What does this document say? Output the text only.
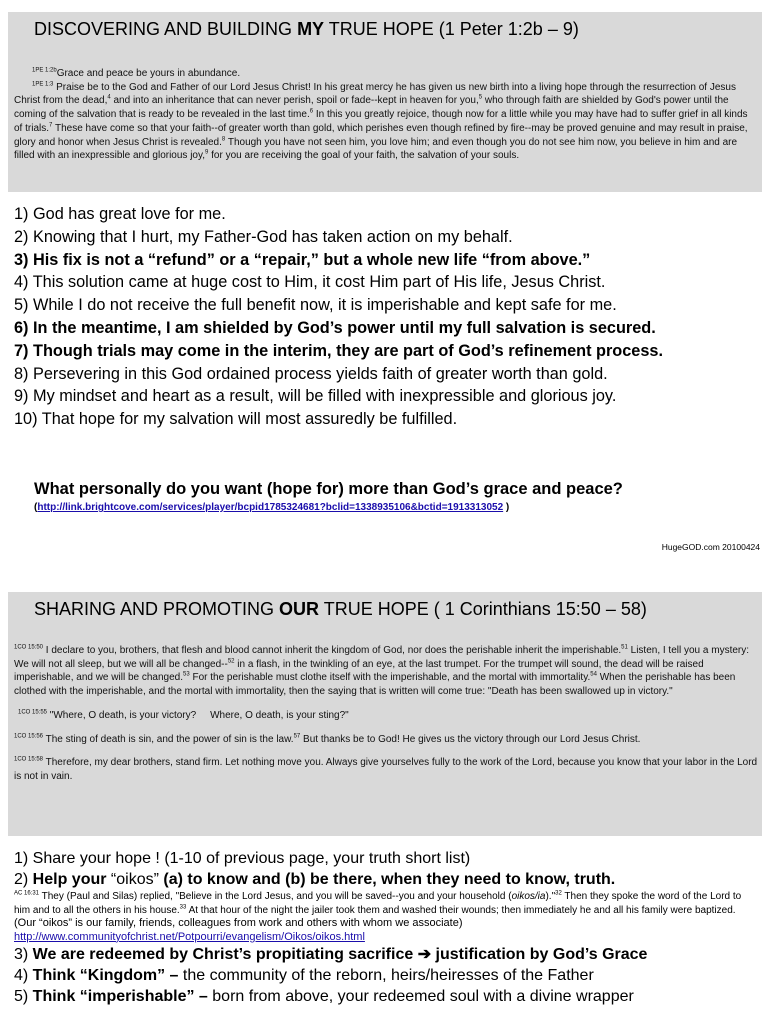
DISCOVERING AND BUILDING MY TRUE HOPE (1 Peter 1:2b – 9)

$^{1PE 1:2b}$Grace and peace be yours in abundance.

$^{1PE 1:3}$ Praise be to the God and Father of our Lord Jesus Christ! In his great mercy he has given us new birth into a living hope through the resurrection of Jesus Christ from the dead,$^4$ and into an inheritance that can never perish, spoil or fade--kept in heaven for you,$^5$ who through faith are shielded by God's power until the coming of the salvation that is ready to be revealed in the last time.$^6$ In this you greatly rejoice, though now for a little while you may have had to suffer grief in all kinds of trials.$^7$ These have come so that your faith--of greater worth than gold, which perishes even though refined by fire--may be proved genuine and may result in praise, glory and honor when Jesus Christ is revealed.$^8$ Though you have not seen him, you love him; and even though you do not see him now, you believe in him and are filled with an inexpressible and glorious joy,$^9$ for you are receiving the goal of your faith, the salvation of your souls.

1) God has great love for me.
2) Knowing that I hurt, my Father-God has taken action on my behalf.
3) His fix is not a “refund” or a “repair,” but a whole new life “from above.”
4) This solution came at huge cost to Him, it cost Him part of His life, Jesus Christ.
5) While I do not receive the full benefit now, it is imperishable and kept safe for me.
6) In the meantime, I am shielded by God’s power until my full salvation is secured.
7) Though trials may come in the interim, they are part of God’s refinement process.
8) Persevering in this God ordained process yields faith of greater worth than gold.
9) My mindset and heart as a result, will be filled with inexpressible and glorious joy.
10) That hope for my salvation will most assuredly be fulfilled.
What personally do you want (hope for) more than God’s grace and peace?
(http://link.brightcove.com/services/player/bcpid1785324681?bclid=1338935106&bctid=1913313052 )
HugeGOD.com 20100424
SHARING AND PROMOTING OUR TRUE HOPE ( 1 Corinthians 15:50 – 58)

$^{1CO 15:50}$ I declare to you, brothers, that flesh and blood cannot inherit the kingdom of God, nor does the perishable inherit the imperishable.$^{51}$ Listen, I tell you a mystery: We will not all sleep, but we will all be changed--$^{52}$ in a flash, in the twinkling of an eye, at the last trumpet. For the trumpet will sound, the dead will be raised imperishable, and we will be changed.$^{53}$ For the perishable must clothe itself with the imperishable, and the mortal with immortality.$^{54}$ When the perishable has been clothed with the imperishable, and the mortal with immortality, then the saying that is written will come true: "Death has been swallowed up in victory."

$^{1CO 15:55}$ "Where, O death, is your victory?     Where, O death, is your sting?"

$^{1CO 15:56}$ The sting of death is sin, and the power of sin is the law.$^{57}$ But thanks be to God! He gives us the victory through our Lord Jesus Christ.

$^{1CO 15:58}$ Therefore, my dear brothers, stand firm. Let nothing move you. Always give yourselves fully to the work of the Lord, because you know that your labor in the Lord is not in vain.

1) Share your hope ! (1-10 of previous page, your truth short list)
2) Help your “oikos” (a) to know and (b) be there, when they need to know, truth.
$^{AC 16:31}$ They (Paul and Silas) replied, "Believe in the Lord Jesus, and you will be saved--you and your household (oikos/ia)."$^{32}$ Then they spoke the word of the Lord to him and to all the others in his house.$^{33}$ At that hour of the night the jailer took them and washed their wounds; then immediately he and all his family were baptized.  (Our “oikos” is our family, friends, colleagues from work and others with whom we associate) http://www.communityofchrist.net/Potpourri/evangelism/Oikos/oikos.html
3) We are redeemed by Christ’s propitiating sacrifice ➔ justification by God’s Grace
4) Think “Kingdom” – the community of the reborn, heirs/heiresses of the Father
5) Think “imperishable” – born from above, your redeemed soul with a divine wrapper
